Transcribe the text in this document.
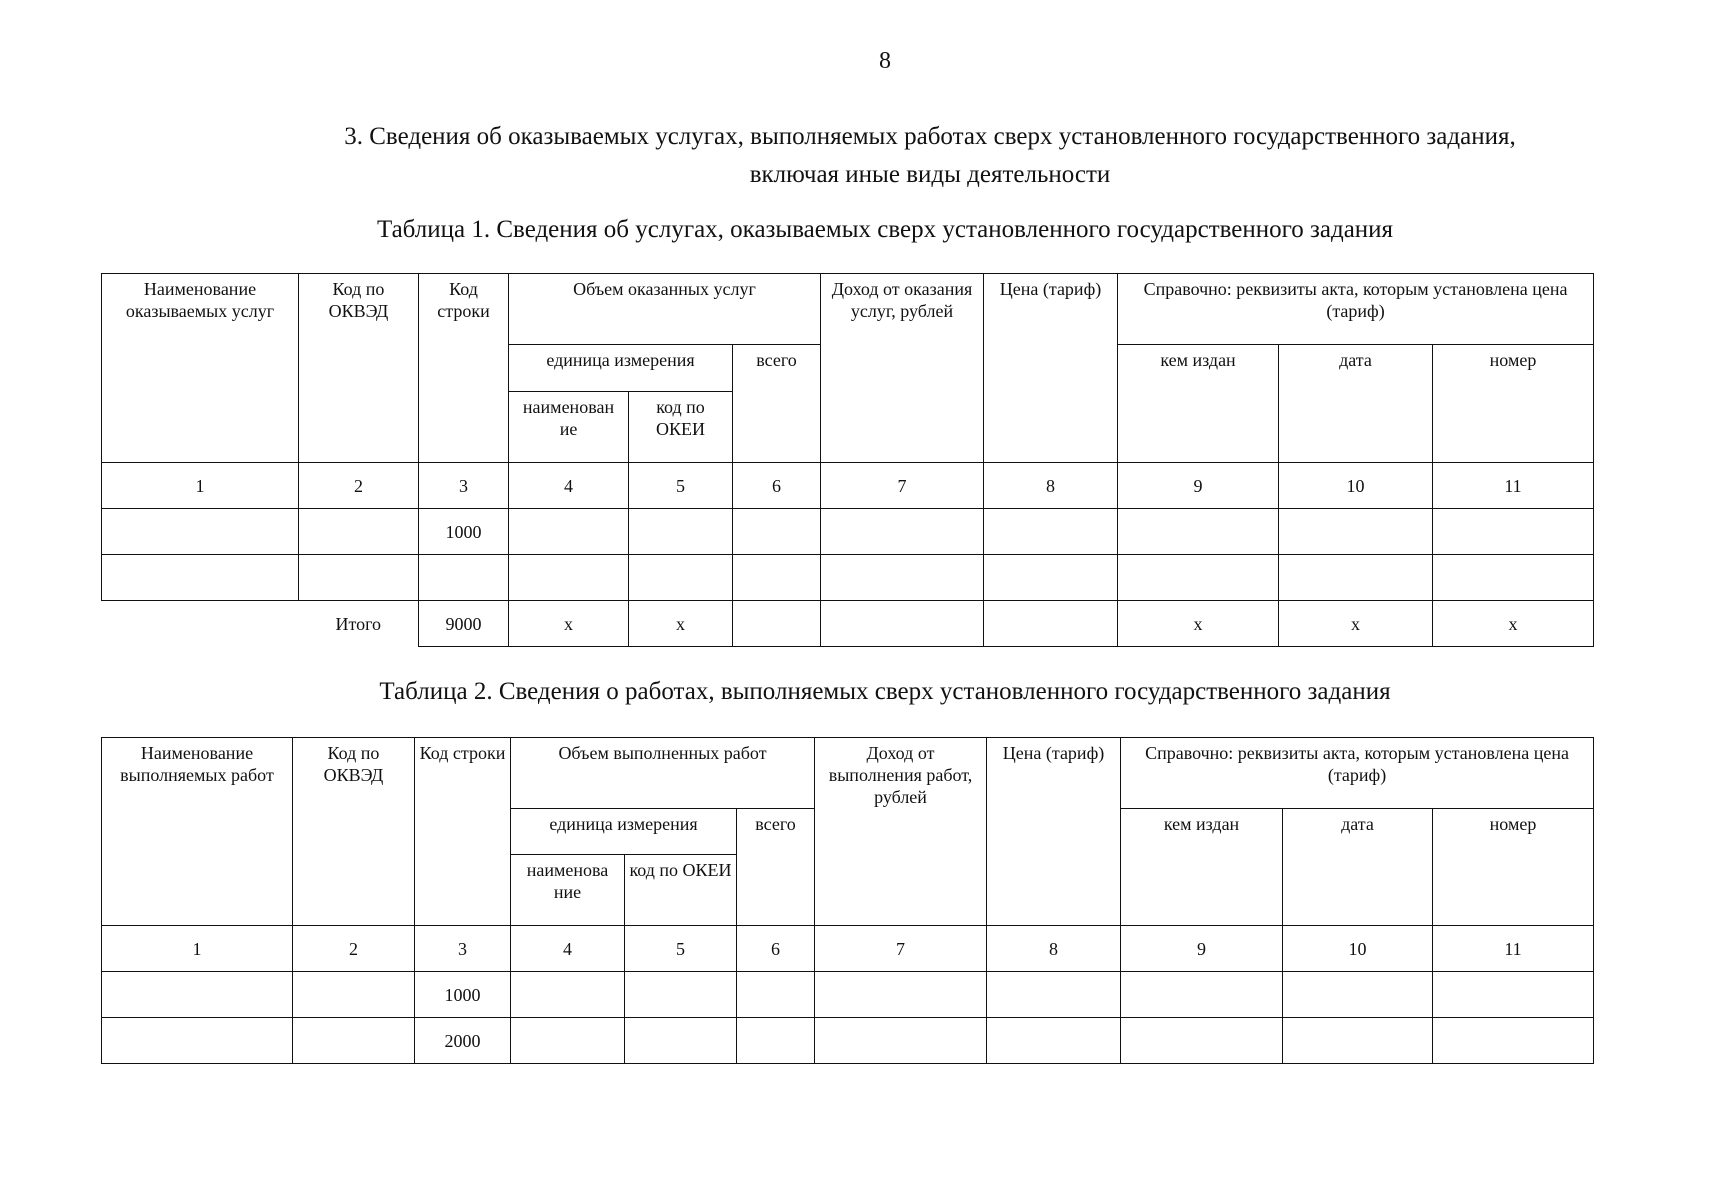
8
3. Сведения об оказываемых услугах, выполняемых работах сверх установленного государственного задания,
включая иные виды деятельности
Таблица 1. Сведения об услугах, оказываемых сверх установленного государственного задания
Наименование оказываемых услуг	Код по ОКВЭД	Код строки	Объем оказанных услуг			Доход от оказания услуг, рублей	Цена (тариф)	Справочно: реквизиты акта, которым установлена цена (тариф)		
			единица измерения		всего			кем издан	дата	номер
			наименован ие	код по ОКЕИ						
1	2	3	4	5	6	7	8	9	10	11
		1000								

	Итого	9000	х	х				х	х	х
Таблица 2. Сведения о работах, выполняемых сверх установленного государственного задания
Наименование выполняемых работ	Код по ОКВЭД	Код строки	Объем выполненных работ			Доход от выполнения работ, рублей	Цена (тариф)	Справочно: реквизиты акта, которым установлена цена (тариф)		
			единица измерения		всего			кем издан	дата	номер
			наименова ние	код по ОКЕИ						
1	2	3	4	5	6	7	8	9	10	11
		1000								
		2000								
